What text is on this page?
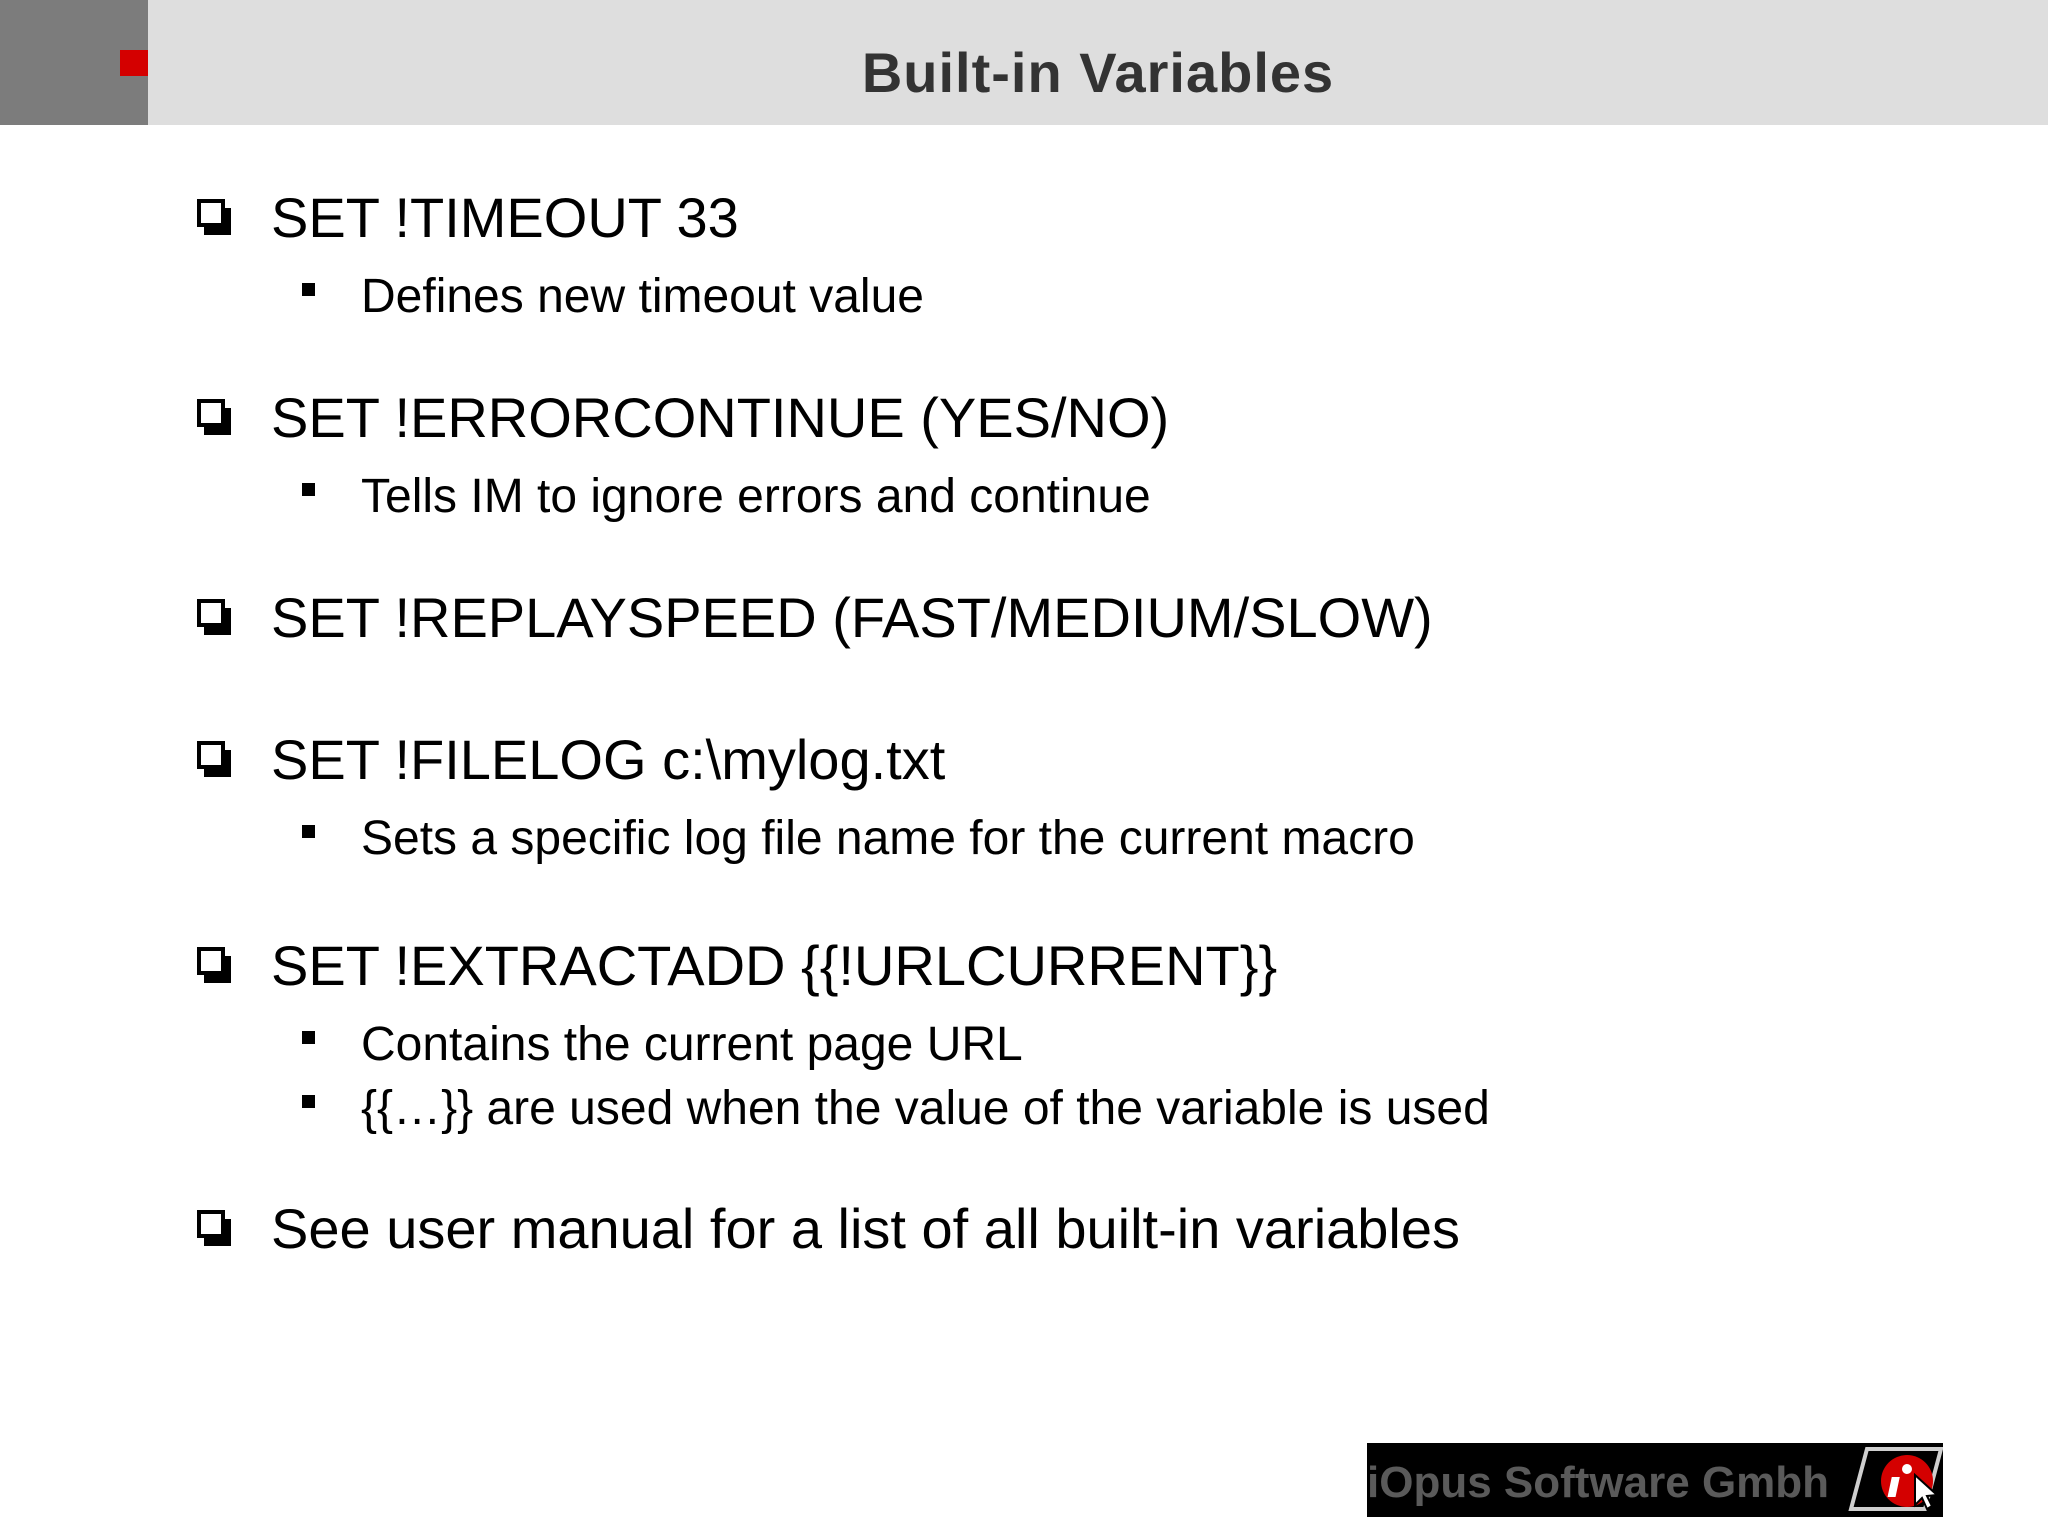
Built-in Variables
SET !TIMEOUT 33
Defines new timeout value
SET !ERRORCONTINUE (YES/NO)
Tells IM to ignore errors and continue
SET !REPLAYSPEED (FAST/MEDIUM/SLOW)
SET !FILELOG c:\mylog.txt
Sets a specific log file name for the current macro
SET !EXTRACTADD {{!URLCURRENT}}
Contains the current page URL
{{…}} are used when the value of the variable is used
See user manual for a list of all built-in variables
iOpus Software Gmbh
